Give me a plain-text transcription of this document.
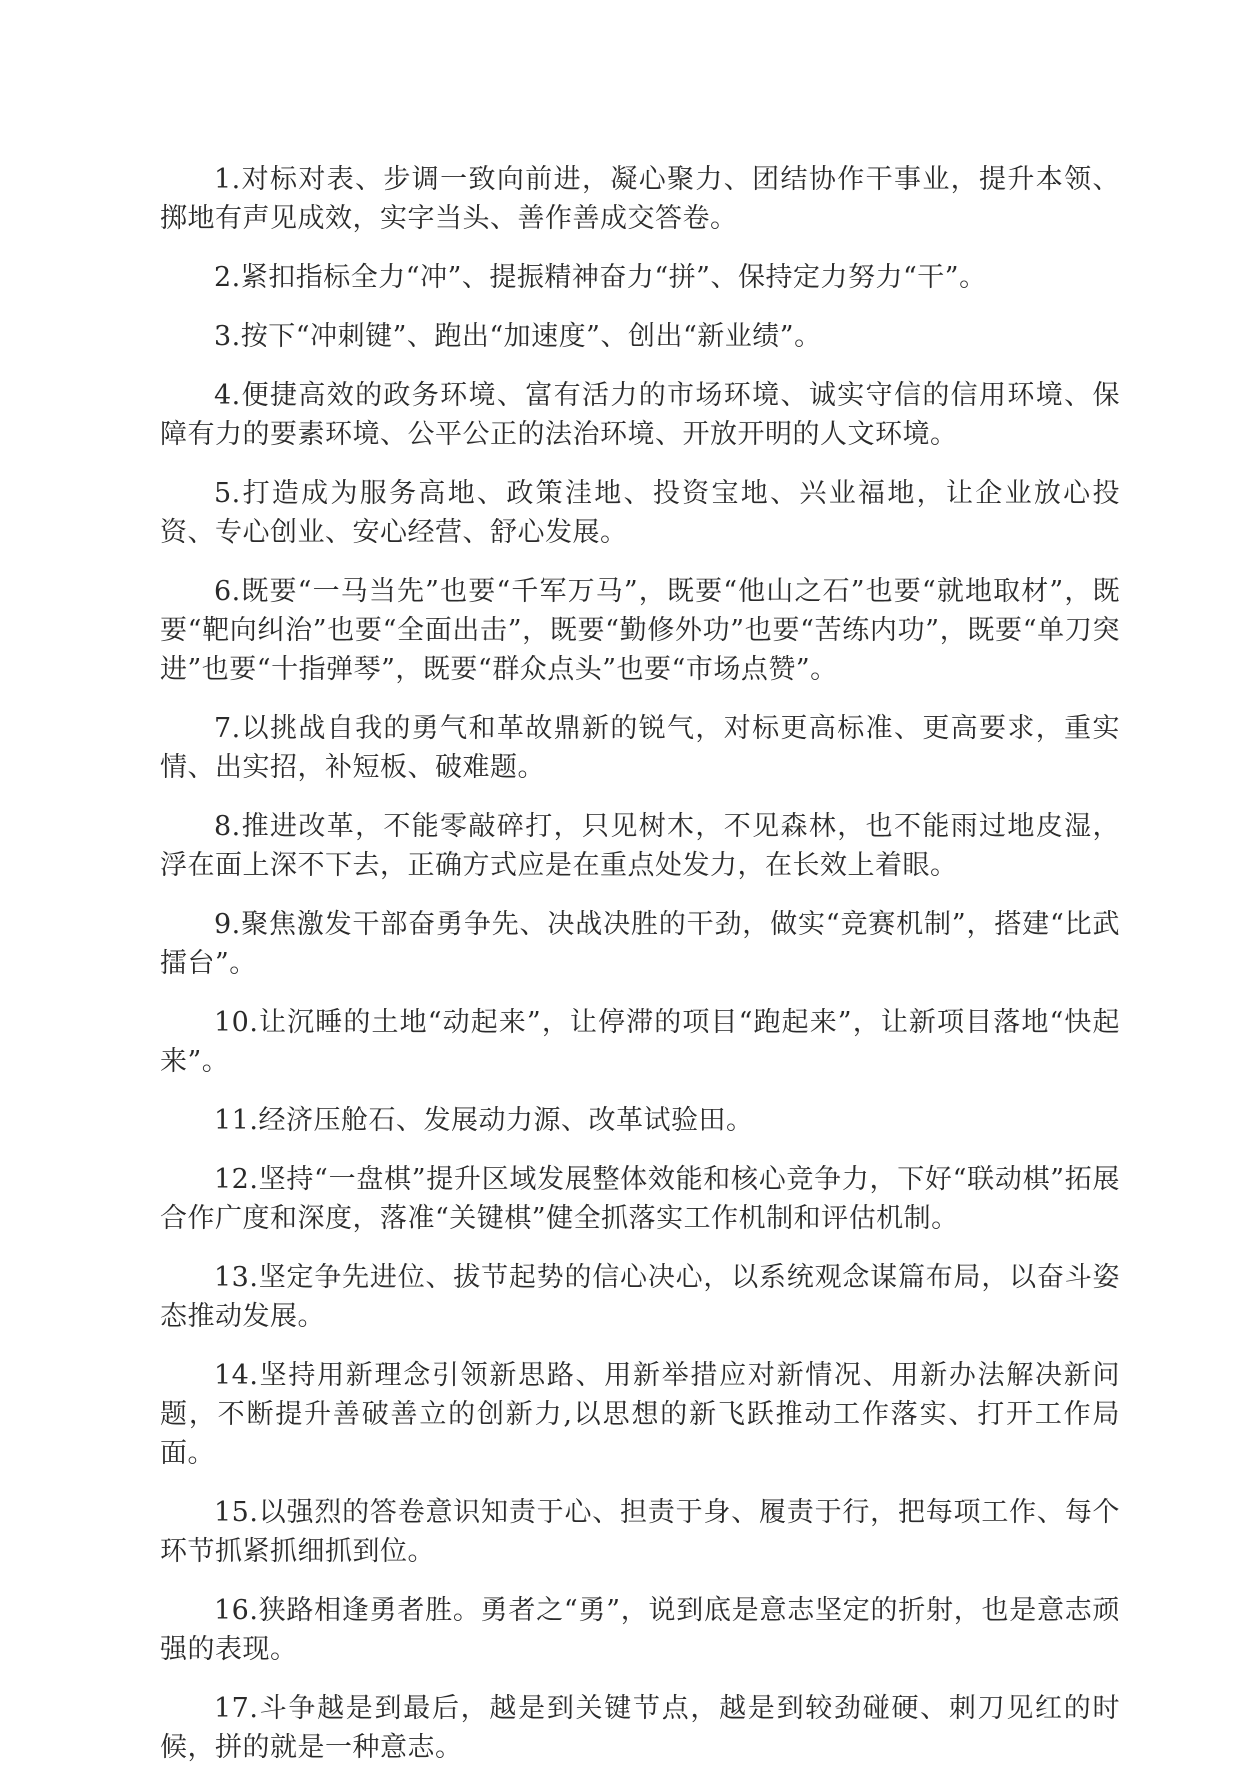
1.对标对表、步调一致向前进，凝心聚力、团结协作干事业，提升本领、掷地有声见成效，实字当头、善作善成交答卷。

2.紧扣指标全力“冲”、提振精神奋力“拼”、保持定力努力“干”。

3.按下“冲刺键”、跑出“加速度”、创出“新业绩”。

4.便捷高效的政务环境、富有活力的市场环境、诚实守信的信用环境、保障有力的要素环境、公平公正的法治环境、开放开明的人文环境。

5.打造成为服务高地、政策洼地、投资宝地、兴业福地，让企业放心投资、专心创业、安心经营、舒心发展。

6.既要“一马当先”也要“千军万马”，既要“他山之石”也要“就地取材”，既要“靶向纠治”也要“全面出击”，既要“勤修外功”也要“苦练内功”，既要“单刀突进”也要“十指弹琴”，既要“群众点头”也要“市场点赞”。

7.以挑战自我的勇气和革故鼎新的锐气，对标更高标准、更高要求，重实情、出实招，补短板、破难题。

8.推进改革，不能零敲碎打，只见树木，不见森林，也不能雨过地皮湿，浮在面上深不下去，正确方式应是在重点处发力，在长效上着眼。

9.聚焦激发干部奋勇争先、决战决胜的干劲，做实“竞赛机制”，搭建“比武擂台”。

10.让沉睡的土地“动起来”，让停滞的项目“跑起来”，让新项目落地“快起来”。

11.经济压舱石、发展动力源、改革试验田。

12.坚持“一盘棋”提升区域发展整体效能和核心竞争力，下好“联动棋”拓展合作广度和深度，落准“关键棋”健全抓落实工作机制和评估机制。

13.坚定争先进位、拔节起势的信心决心，以系统观念谋篇布局，以奋斗姿态推动发展。

14.坚持用新理念引领新思路、用新举措应对新情况、用新办法解决新问题，不断提升善破善立的创新力,以思想的新飞跃推动工作落实、打开工作局面。

15.以强烈的答卷意识知责于心、担责于身、履责于行，把每项工作、每个环节抓紧抓细抓到位。

16.狭路相逢勇者胜。勇者之“勇”，说到底是意志坚定的折射，也是意志顽强的表现。

17.斗争越是到最后，越是到关键节点，越是到较劲碰硬、刺刀见红的时候，拼的就是一种意志。
